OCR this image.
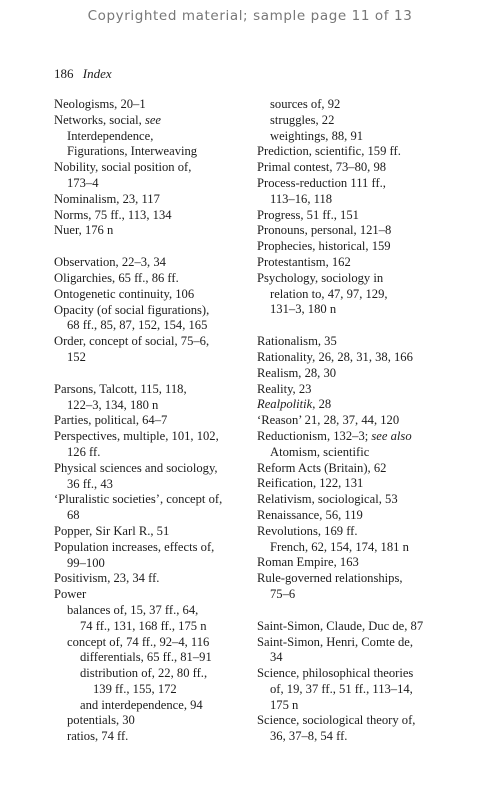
Copyrighted material; sample page 11 of 13
186 Index
Neologisms, 20–1
Networks, social, see
Interdependence,
Figurations, Interweaving
Nobility, social position of,
173–4
Nominalism, 23, 117
Norms, 75 ff., 113, 134
Nuer, 176 n
Observation, 22–3, 34
Oligarchies, 65 ff., 86 ff.
Ontogenetic continuity, 106
Opacity (of social figurations),
68 ff., 85, 87, 152, 154, 165
Order, concept of social, 75–6,
152
Parsons, Talcott, 115, 118,
122–3, 134, 180 n
Parties, political, 64–7
Perspectives, multiple, 101, 102,
126 ff.
Physical sciences and sociology,
36 ff., 43
‘Pluralistic societies’, concept of,
68
Popper, Sir Karl R., 51
Population increases, effects of,
99–100
Positivism, 23, 34 ff.
Power
balances of, 15, 37 ff., 64,
74 ff., 131, 168 ff., 175 n
concept of, 74 ff., 92–4, 116
differentials, 65 ff., 81–91
distribution of, 22, 80 ff.,
139 ff., 155, 172
and interdependence, 94
potentials, 30
ratios, 74 ff.
sources of, 92
struggles, 22
weightings, 88, 91
Prediction, scientific, 159 ff.
Primal contest, 73–80, 98
Process-reduction 111 ff.,
113–16, 118
Progress, 51 ff., 151
Pronouns, personal, 121–8
Prophecies, historical, 159
Protestantism, 162
Psychology, sociology in
relation to, 47, 97, 129,
131–3, 180 n
Rationalism, 35
Rationality, 26, 28, 31, 38, 166
Realism, 28, 30
Reality, 23
Realpolitik, 28
‘Reason’ 21, 28, 37, 44, 120
Reductionism, 132–3; see also
Atomism, scientific
Reform Acts (Britain), 62
Reification, 122, 131
Relativism, sociological, 53
Renaissance, 56, 119
Revolutions, 169 ff.
French, 62, 154, 174, 181 n
Roman Empire, 163
Rule-governed relationships,
75–6
Saint-Simon, Claude, Duc de, 87
Saint-Simon, Henri, Comte de,
34
Science, philosophical theories
of, 19, 37 ff., 51 ff., 113–14,
175 n
Science, sociological theory of,
36, 37–8, 54 ff.
